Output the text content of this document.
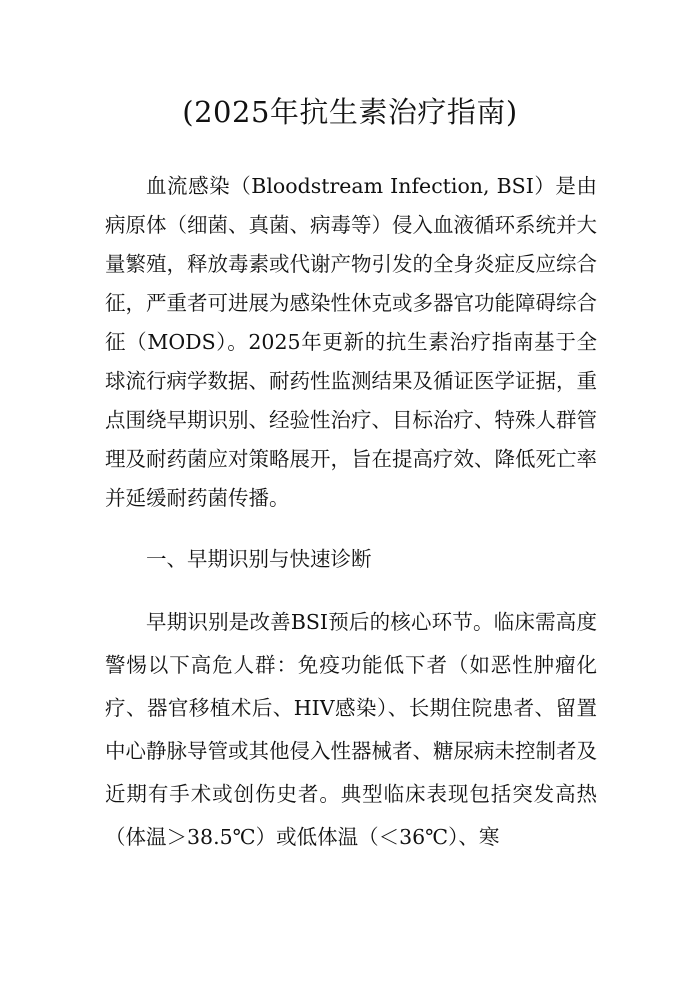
(2025年抗生素治疗指南)

血流感染（Bloodstream Infection, BSI）是由病原体（细菌、真菌、病毒等）侵入血液循环系统并大量繁殖，释放毒素或代谢产物引发的全身炎症反应综合征，严重者可进展为感染性休克或多器官功能障碍综合征（MODS）。2025年更新的抗生素治疗指南基于全球流行病学数据、耐药性监测结果及循证医学证据，重点围绕早期识别、经验性治疗、目标治疗、特殊人群管理及耐药菌应对策略展开，旨在提高疗效、降低死亡率并延缓耐药菌传播。

一、早期识别与快速诊断

早期识别是改善BSI预后的核心环节。临床需高度警惕以下高危人群：免疫功能低下者（如恶性肿瘤化疗、器官移植术后、HIV感染）、长期住院患者、留置中心静脉导管或其他侵入性器械者、糖尿病未控制者及近期有手术或创伤史者。典型临床表现包括突发高热（体温＞38.5℃）或低体温（＜36℃）、寒
